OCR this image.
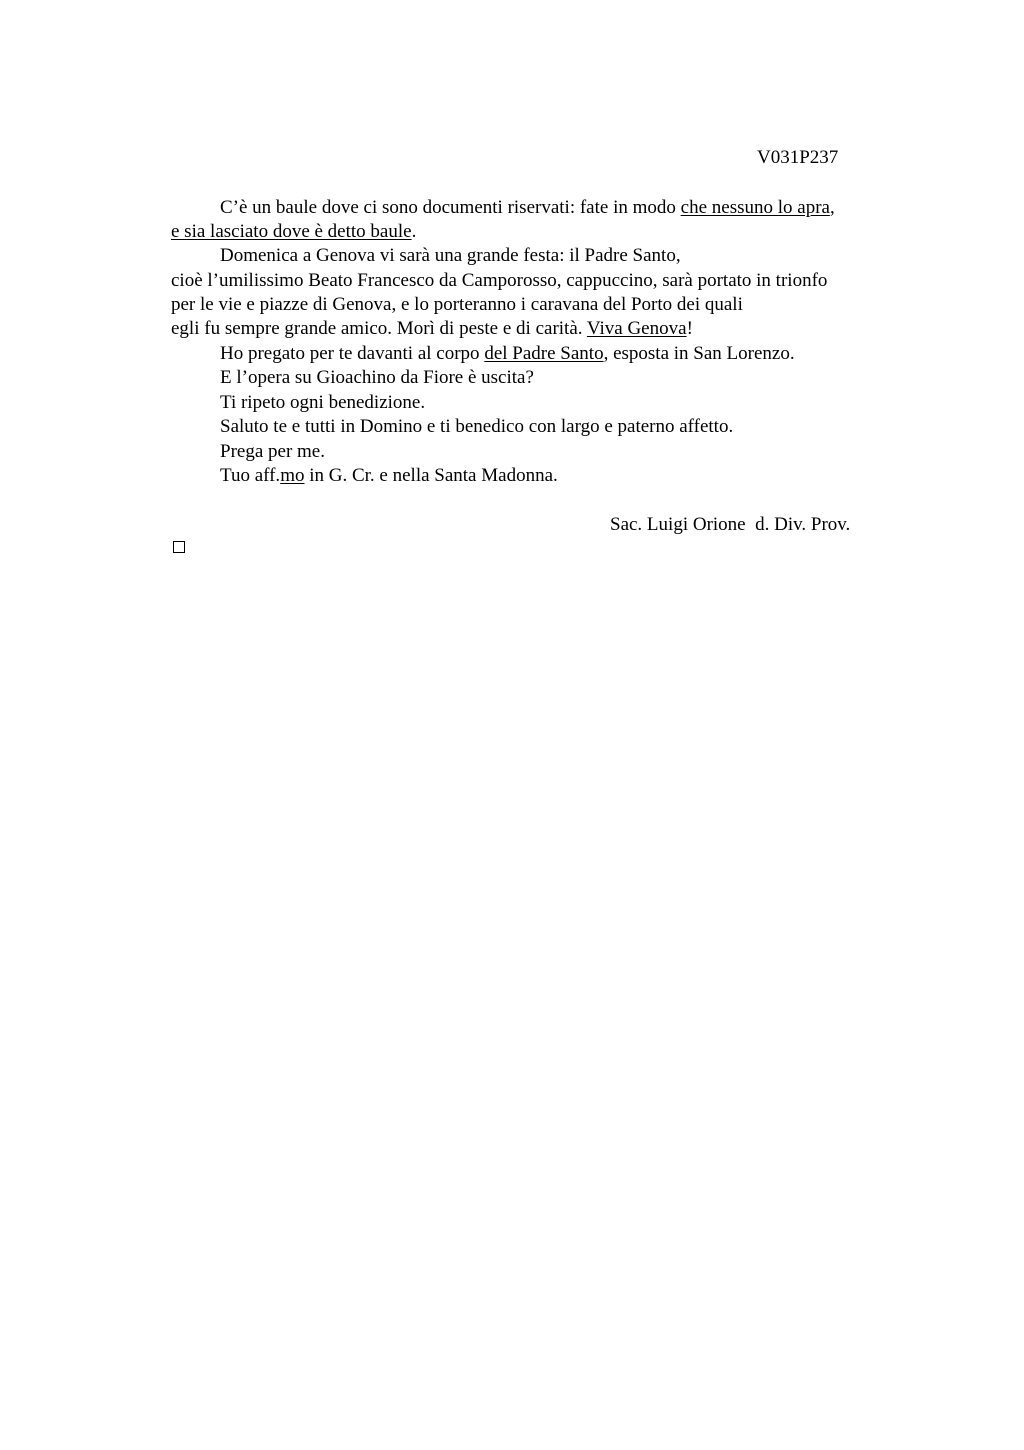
V031P237
C’è un baule dove ci sono documenti riservati: fate in modo che nessuno lo apra,
e sia lasciato dove è detto baule.
Domenica a Genova vi sarà una grande festa: il Padre Santo,
cioè l’umilissimo Beato Francesco da Camporosso, cappuccino, sarà portato in trionfo
per le vie e piazze di Genova, e lo porteranno i caravana del Porto dei quali
egli fu sempre grande amico. Morì di peste e di carità. Viva Genova!
Ho pregato per te davanti al corpo del Padre Santo, esposta in San Lorenzo.
E l’opera su Gioachino da Fiore è uscita?
Ti ripeto ogni benedizione.
Saluto te e tutti in Domino e ti benedico con largo e paterno affetto.
Prega per me.
Tuo aff.mo in G. Cr. e nella Santa Madonna.
Sac. Luigi Orione  d. Div. Prov.
